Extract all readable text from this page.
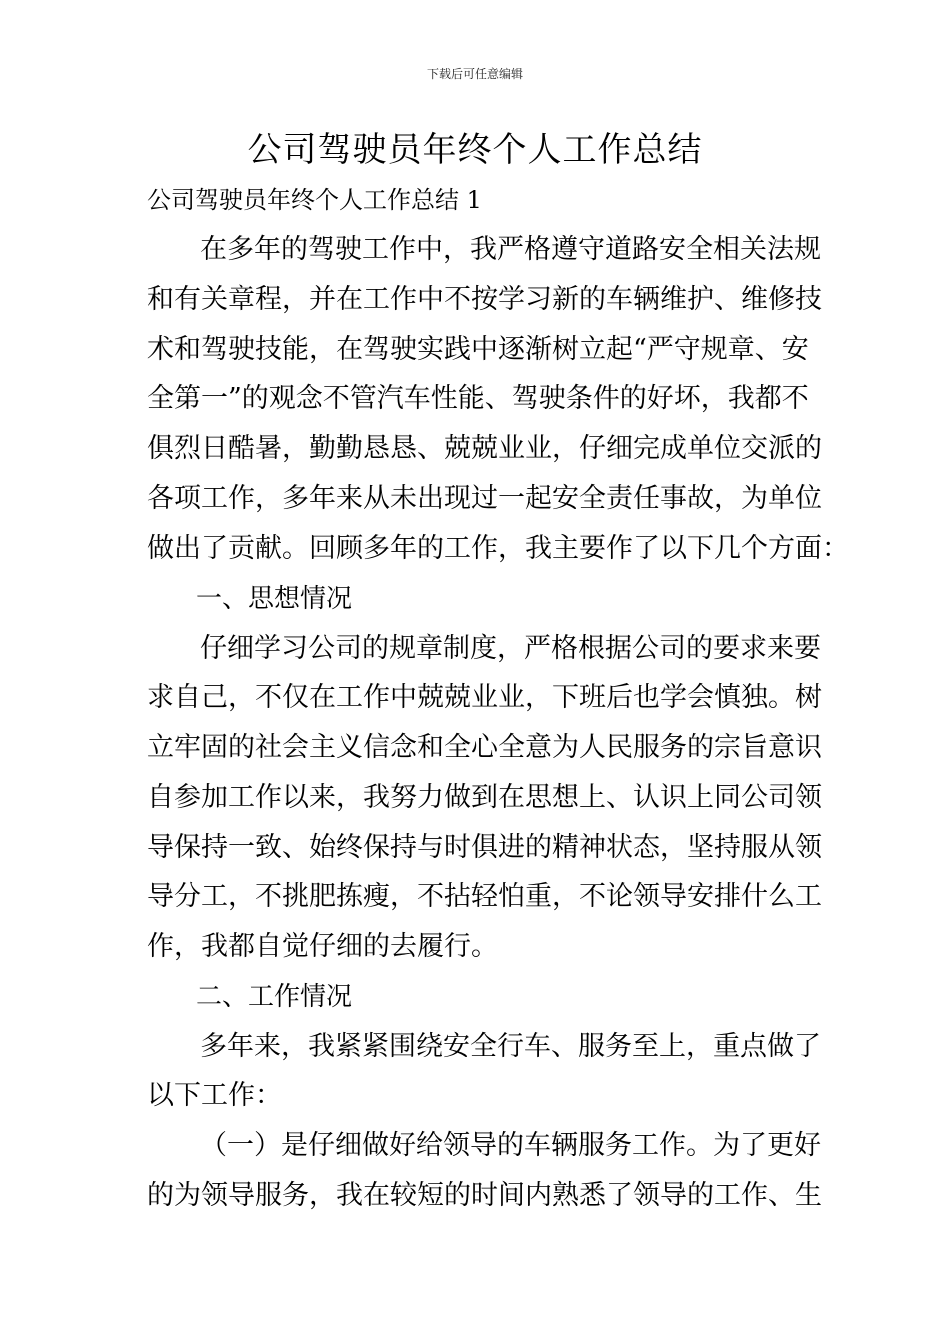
下载后可任意编辑
公司驾驶员年终个人工作总结
公司驾驶员年终个人工作总结 1
在多年的驾驶工作中，我严格遵守道路安全相关法规
和有关章程，并在工作中不按学习新的车辆维护、维修技
术和驾驶技能，在驾驶实践中逐渐树立起“严守规章、安
全第一”的观念不管汽车性能、驾驶条件的好坏，我都不
俱烈日酷暑，勤勤恳恳、兢兢业业，仔细完成单位交派的
各项工作，多年来从未出现过一起安全责任事故，为单位
做出了贡献。回顾多年的工作，我主要作了以下几个方面：
一、思想情况
仔细学习公司的规章制度，严格根据公司的要求来要
求自己，不仅在工作中兢兢业业，下班后也学会慎独。树
立牢固的社会主义信念和全心全意为人民服务的宗旨意识
自参加工作以来，我努力做到在思想上、认识上同公司领
导保持一致、始终保持与时俱进的精神状态，坚持服从领
导分工，不挑肥拣瘦，不拈轻怕重，不论领导安排什么工
作，我都自觉仔细的去履行。
二、工作情况
多年来，我紧紧围绕安全行车、服务至上，重点做了
以下工作：
（一）是仔细做好给领导的车辆服务工作。为了更好
的为领导服务，我在较短的时间内熟悉了领导的工作、生
